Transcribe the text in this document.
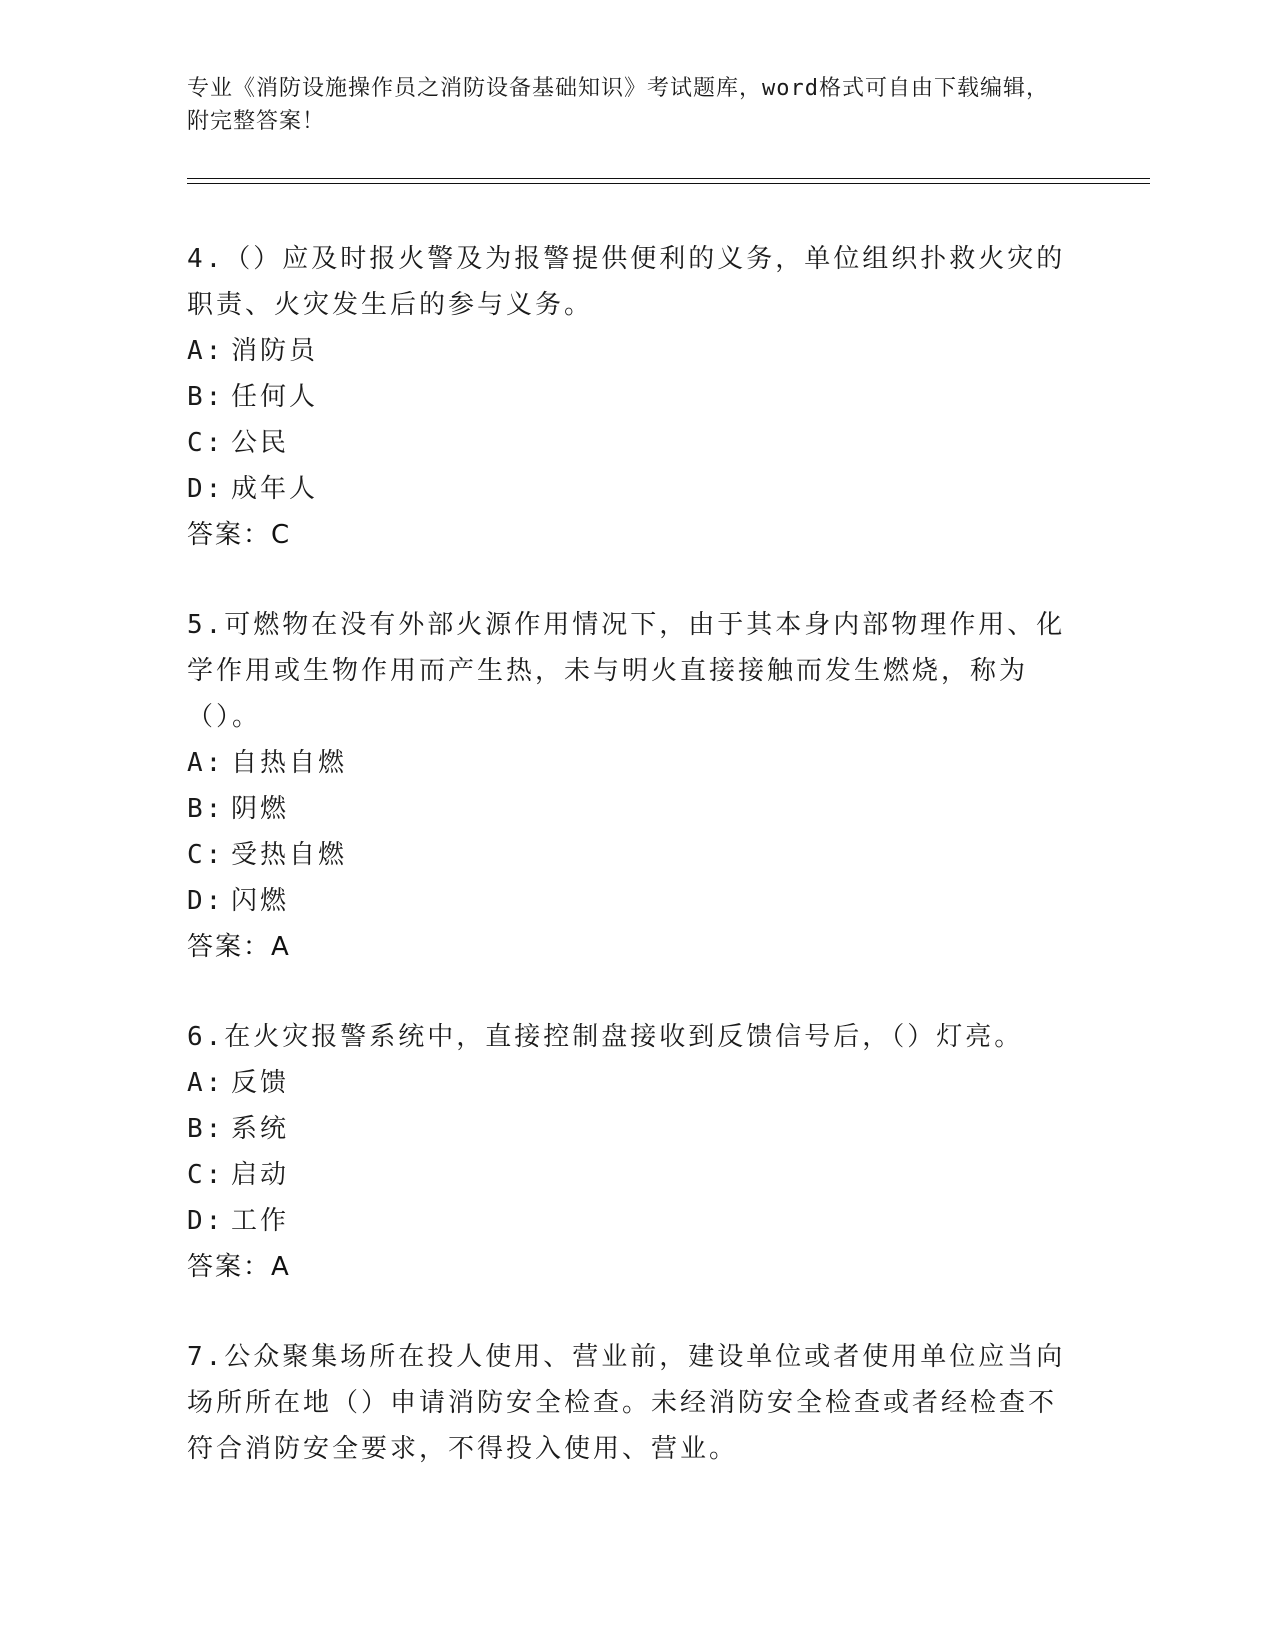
专业《消防设施操作员之消防设备基础知识》考试题库，word格式可自由下载编辑，附完整答案！
4.（）应及时报火警及为报警提供便利的义务，单位组织扑救火灾的职责、火灾发生后的参与义务。
A: 消防员
B: 任何人
C: 公民
D: 成年人
答案：C
5.可燃物在没有外部火源作用情况下，由于其本身内部物理作用、化学作用或生物作用而产生热，未与明火直接接触而发生燃烧，称为（）。
A: 自热自燃
B: 阴燃
C: 受热自燃
D: 闪燃
答案：A
6.在火灾报警系统中，直接控制盘接收到反馈信号后，（）灯亮。
A: 反馈
B: 系统
C: 启动
D: 工作
答案：A
7.公众聚集场所在投人使用、营业前，建设单位或者使用单位应当向场所所在地（）申请消防安全检查。未经消防安全检查或者经检查不符合消防安全要求，不得投入使用、营业。
